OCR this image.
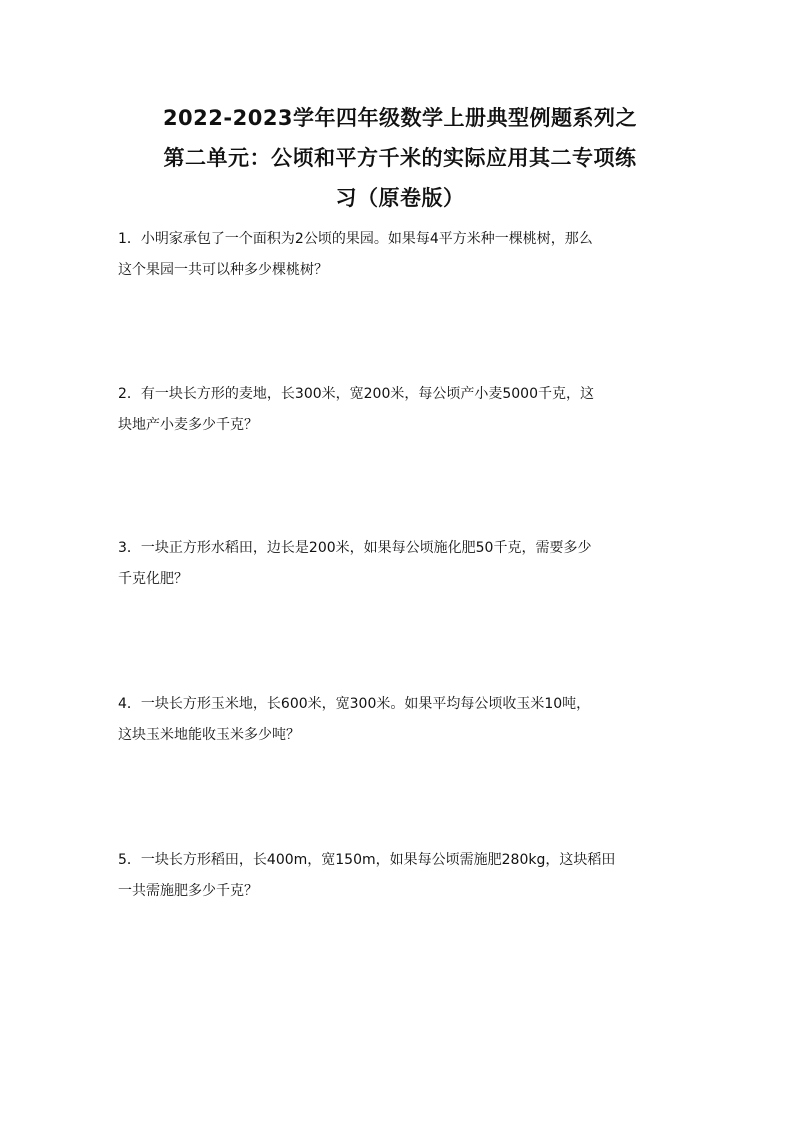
2022-2023学年四年级数学上册典型例题系列之
第二单元：公顷和平方千米的实际应用其二专项练
习（原卷版）
1．小明家承包了一个面积为2公顷的果园。如果每4平方米种一棵桃树，那么
这个果园一共可以种多少棵桃树？
2．有一块长方形的麦地，长300米，宽200米，每公顷产小麦5000千克，这
块地产小麦多少千克？
3．一块正方形水稻田，边长是200米，如果每公顷施化肥50千克，需要多少
千克化肥？
4．一块长方形玉米地，长600米，宽300米。如果平均每公顷收玉米10吨，
这块玉米地能收玉米多少吨？
5．一块长方形稻田，长400m，宽150m，如果每公顷需施肥280kg，这块稻田
一共需施肥多少千克？
